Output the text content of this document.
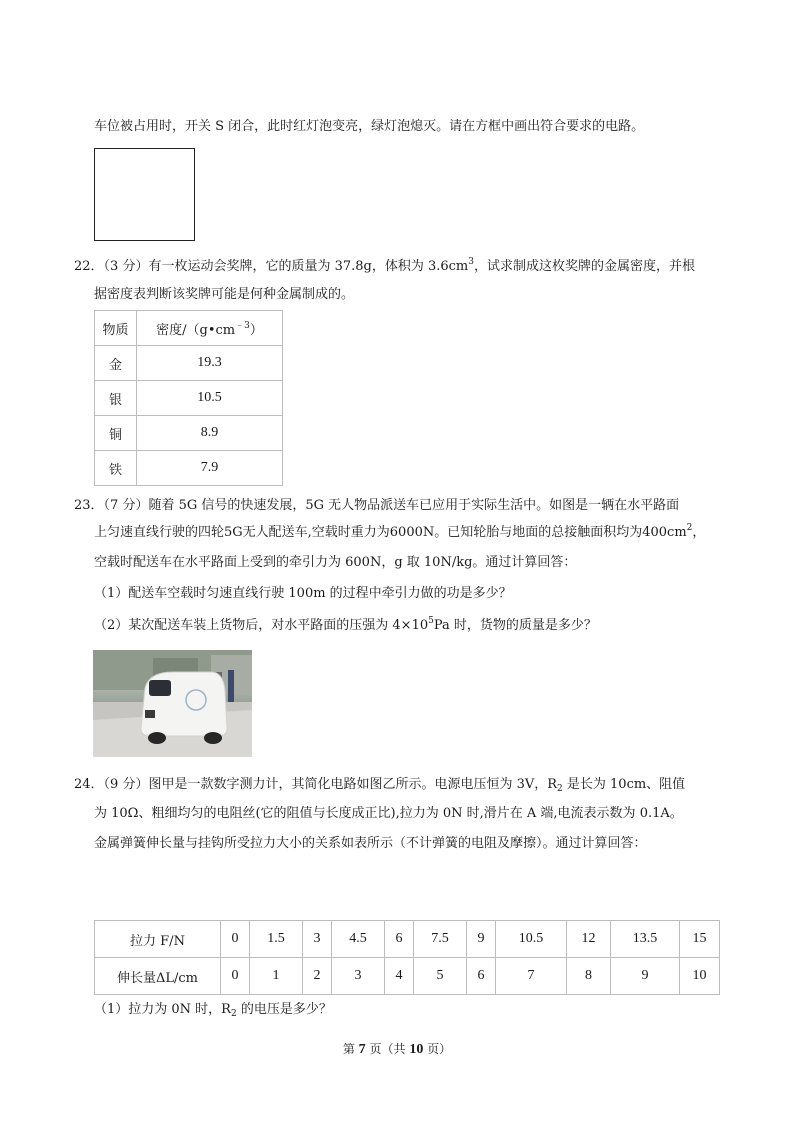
车位被占用时，开关 S 闭合，此时红灯泡变亮，绿灯泡熄灭。请在方框中画出符合要求的电路。
22．（3 分）有一枚运动会奖牌，它的质量为 37.8g，体积为 $3.6cm^3$，试求制成这枚奖牌的金属密度，并根
据密度表判断该奖牌可能是何种金属制成的。
物质	密度$/(g•cm^{﹣3})$
金	19.3
银	10.5
铜	8.9
铁	7.9
23．（7 分）随着 5G 信号的快速发展，5G 无人物品派送车已应用于实际生活中。如图是一辆在水平路面
上匀速直线行驶的四轮5G无人配送车,空载时重力为6000N。已知轮胎与地面的总接触面积均为$400cm^2$，
空载时配送车在水平路面上受到的牵引力为 600N，g 取 10N/kg。通过计算回答：
（1）配送车空载时匀速直线行驶 100m 的过程中牵引力做的功是多少？
（2）某次配送车装上货物后，对水平路面的压强为 $4\times 10^5Pa$ 时，货物的质量是多少？
24．（9 分）图甲是一款数字测力计，其简化电路如图乙所示。电源电压恒为 3V，$R_2$ 是长为 10cm、阻值
为 10Ω、粗细均匀的电阻丝(它的阻值与长度成正比),拉力为 0N 时,滑片在 A 端,电流表示数为 0.1A。
金属弹簧伸长量与挂钩所受拉力大小的关系如表所示（不计弹簧的电阻及摩擦）。通过计算回答：
拉力 F/N	0	1.5	3	4.5	6	7.5	9	10.5	12	13.5	15
伸长量ΔL/cm	0	1	2	3	4	5	6	7	8	9	10
（1）拉力为 0N 时，$R_2$ 的电压是多少？
第 7 页（共 10 页）
